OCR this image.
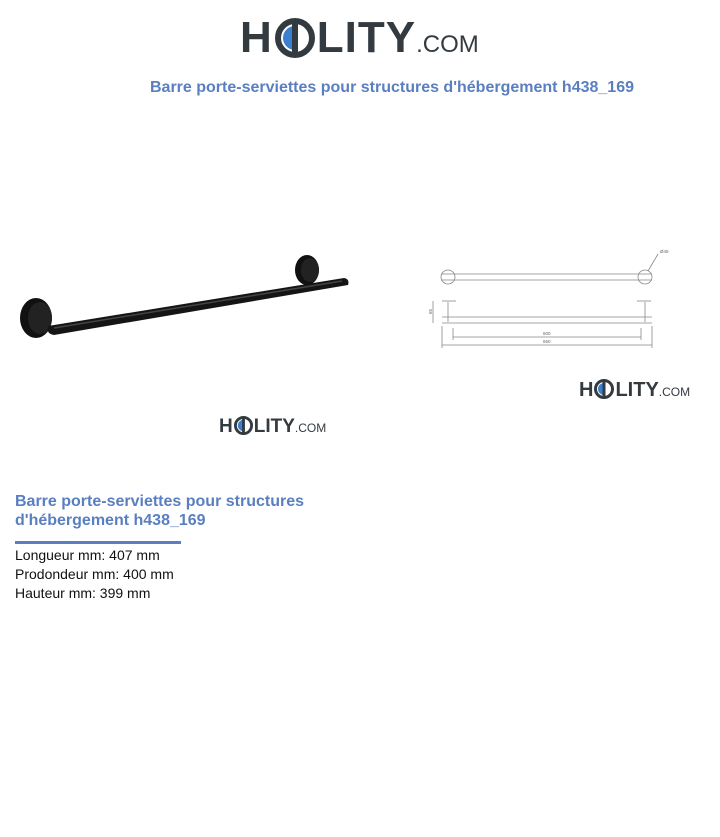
H LITY .COM
Barre porte-serviettes pour structures d'hébergement h438_169
Ø45
65
600
650
H LITY .COM
H LITY .COM
Barre porte-serviettes pour structures d'hébergement h438_169
Longueur mm: 407 mm
Prodondeur mm: 400 mm
Hauteur mm: 399 mm
